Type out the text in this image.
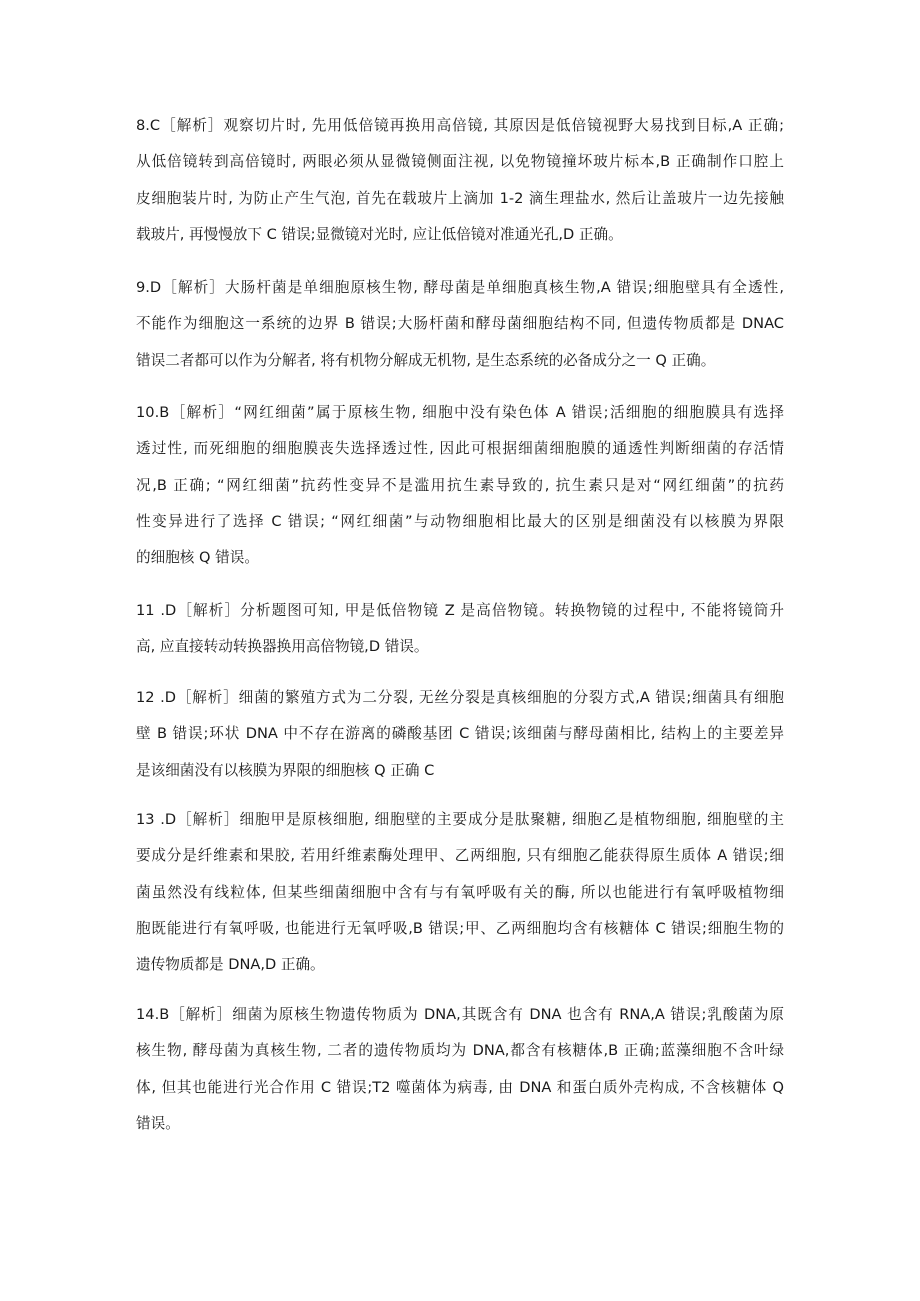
8.C［解析］观察切片时, 先用低倍镜再换用高倍镜, 其原因是低倍镜视野大易找到目标,A 正确;
从低倍镜转到高倍镜时, 两眼必须从显微镜侧面注视, 以免物镜撞坏玻片标本,B 正确制作口腔上
皮细胞装片时, 为防止产生气泡, 首先在载玻片上滴加 1-2 滴生理盐水, 然后让盖玻片一边先接触
载玻片, 再慢慢放下 C 错误;显微镜对光时, 应让低倍镜对准通光孔,D 正确。
9.D［解析］大肠杆菌是单细胞原核生物, 酵母菌是单细胞真核生物,A 错误;细胞壁具有全透性,
不能作为细胞这一系统的边界 B 错误;大肠杆菌和酵母菌细胞结构不同, 但遗传物质都是 DNAC
错误二者都可以作为分解者, 将有机物分解成无机物, 是生态系统的必备成分之一 Q 正确。
10.B［解析］“网红细菌”属于原核生物, 细胞中没有染色体 A 错误;活细胞的细胞膜具有选择
透过性, 而死细胞的细胞膜丧失选择透过性, 因此可根据细菌细胞膜的通透性判断细菌的存活情
况,B 正确; “网红细菌”抗药性变异不是滥用抗生素导致的, 抗生素只是对“网红细菌”的抗药
性变异进行了选择 C 错误; “网红细菌”与动物细胞相比最大的区别是细菌没有以核膜为界限
的细胞核 Q 错误。
11 .D［解析］分析题图可知, 甲是低倍物镜 Z 是高倍物镜。转换物镜的过程中, 不能将镜筒升
高, 应直接转动转换器换用高倍物镜,D 错误。
12 .D［解析］细菌的繁殖方式为二分裂, 无丝分裂是真核细胞的分裂方式,A 错误;细菌具有细胞
壁 B 错误;环状 DNA 中不存在游离的磷酸基团 C 错误;该细菌与酵母菌相比, 结构上的主要差异
是该细菌没有以核膜为界限的细胞核 Q 正确 C
13 .D［解析］细胞甲是原核细胞, 细胞壁的主要成分是肽聚糖, 细胞乙是植物细胞, 细胞壁的主
要成分是纤维素和果胶, 若用纤维素酶处理甲、乙两细胞, 只有细胞乙能获得原生质体 A 错误;细
菌虽然没有线粒体, 但某些细菌细胞中含有与有氧呼吸有关的酶, 所以也能进行有氧呼吸植物细
胞既能进行有氧呼吸, 也能进行无氧呼吸,B 错误;甲、乙两细胞均含有核糖体 C 错误;细胞生物的
遗传物质都是 DNA,D 正确。
14.B［解析］细菌为原核生物遗传物质为 DNA,其既含有 DNA 也含有 RNA,A 错误;乳酸菌为原
核生物, 酵母菌为真核生物, 二者的遗传物质均为 DNA,都含有核糖体,B 正确;蓝藻细胞不含叶绿
体, 但其也能进行光合作用 C 错误;T2 噬菌体为病毒, 由 DNA 和蛋白质外壳构成, 不含核糖体 Q
错误。
